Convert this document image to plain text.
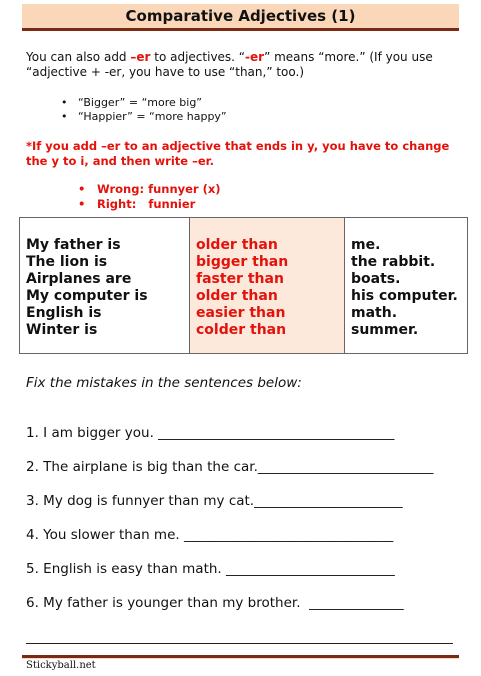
Comparative Adjectives (1)
You can also add –er to adjectives. “-er” means “more.” (If you use “adjective + -er, you have to use “than,” too.)
• “Bigger” = “more big”
• “Happier” = “more happy”
*If you add –er to an adjective that ends in y, you have to change the y to i, and then write –er.
• Wrong: funnyer (x)
• Right:   funnier
My father is
The lion is
Airplanes are
My computer is
English is
Winter is
older than
bigger than
faster than
older than
easier than
colder than
me.
the rabbit.
boats.
his computer.
math.
summer.
Fix the mistakes in the sentences below:
1. I am bigger you. ___________________________________
2. The airplane is big than the car.__________________________
3. My dog is funnyer than my cat.______________________
4. You slower than me. _______________________________
5. English is easy than math. _________________________
6. My father is younger than my brother.  ______________
Stickyball.net
